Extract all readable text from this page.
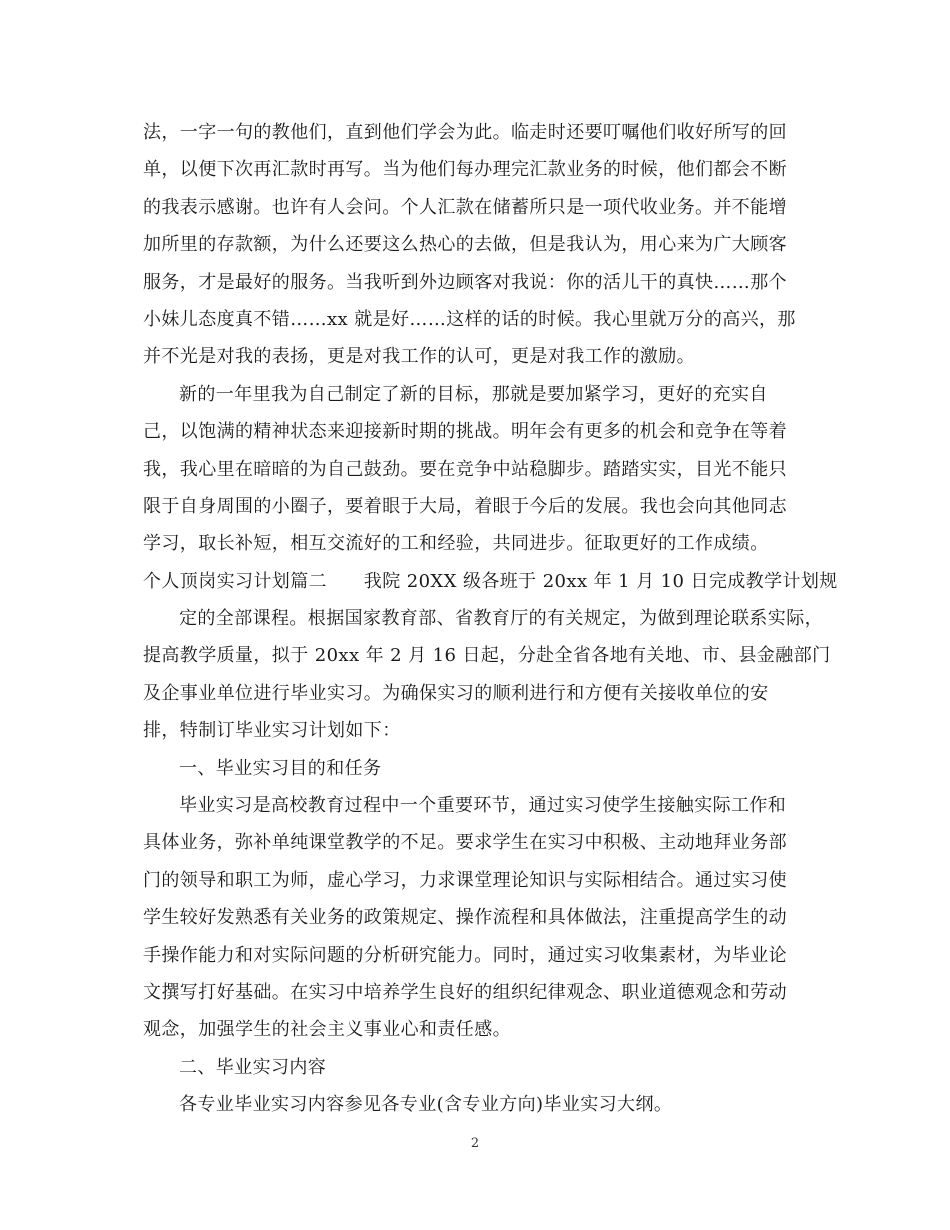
法，一字一句的教他们，直到他们学会为此。临走时还要叮嘱他们收好所写的回
单，以便下次再汇款时再写。当为他们每办理完汇款业务的时候，他们都会不断
的我表示感谢。也许有人会问。个人汇款在储蓄所只是一项代收业务。并不能增
加所里的存款额，为什么还要这么热心的去做，但是我认为，用心来为广大顾客
服务，才是最好的服务。当我听到外边顾客对我说：你的活儿干的真快……那个
小妹儿态度真不错……xx 就是好……这样的话的时候。我心里就万分的高兴，那
并不光是对我的表扬，更是对我工作的认可，更是对我工作的激励。
新的一年里我为自己制定了新的目标，那就是要加紧学习，更好的充实自
己，以饱满的精神状态来迎接新时期的挑战。明年会有更多的机会和竞争在等着
我，我心里在暗暗的为自己鼓劲。要在竞争中站稳脚步。踏踏实实，目光不能只
限于自身周围的小圈子，要着眼于大局，着眼于今后的发展。我也会向其他同志
学习，取长补短，相互交流好的工和经验，共同进步。征取更好的工作成绩。
个人顶岗实习计划篇二　　我院 20XX 级各班于 20xx 年 1 月 10 日完成教学计划规
定的全部课程。根据国家教育部、省教育厅的有关规定，为做到理论联系实际，
提高教学质量，拟于 20xx 年 2 月 16 日起，分赴全省各地有关地、市、县金融部门
及企事业单位进行毕业实习。为确保实习的顺利进行和方便有关接收单位的安
排，特制订毕业实习计划如下：
一、毕业实习目的和任务
毕业实习是高校教育过程中一个重要环节，通过实习使学生接触实际工作和
具体业务，弥补单纯课堂教学的不足。要求学生在实习中积极、主动地拜业务部
门的领导和职工为师，虚心学习，力求课堂理论知识与实际相结合。通过实习使
学生较好发熟悉有关业务的政策规定、操作流程和具体做法，注重提高学生的动
手操作能力和对实际问题的分析研究能力。同时，通过实习收集素材，为毕业论
文撰写打好基础。在实习中培养学生良好的组织纪律观念、职业道德观念和劳动
观念，加强学生的社会主义事业心和责任感。
二、毕业实习内容
各专业毕业实习内容参见各专业(含专业方向)毕业实习大纲。
2
